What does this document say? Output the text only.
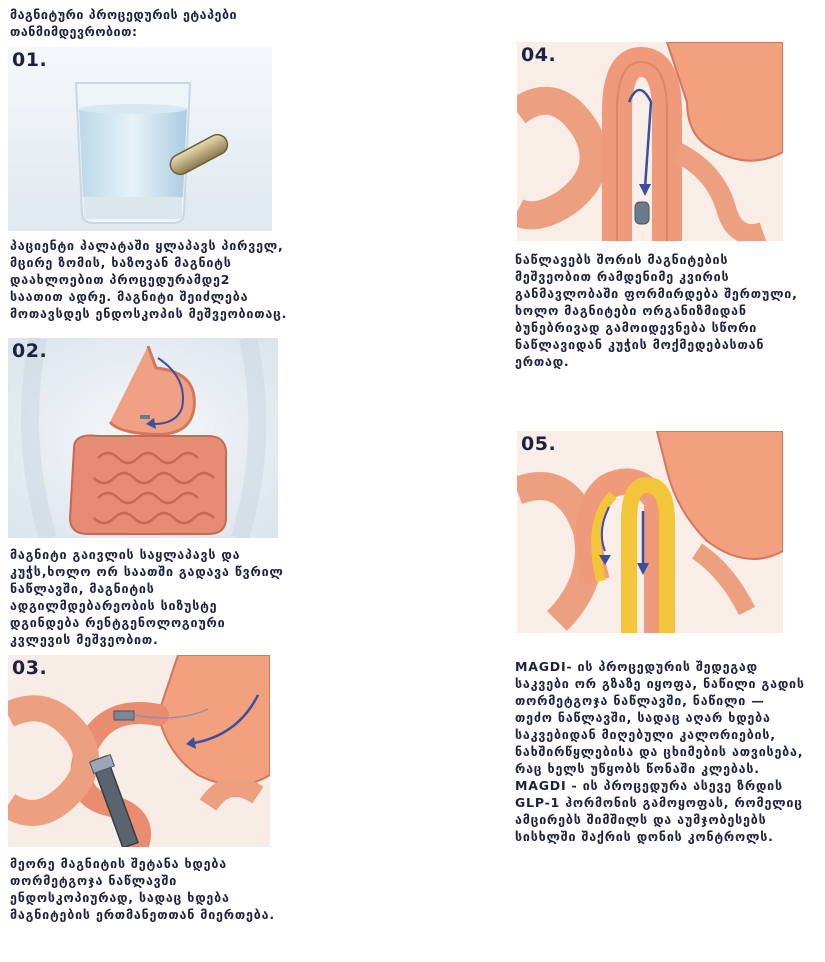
მაგნიტური პროცედურის ეტაპები თანმიმდევრობით:
01.
პაციენტი პალატაში ყლაპავს პირველ, მცირე ზომის, ხაზოვან მაგნიტს დაახლოებით პროცედურამდე2 საათით ადრე. მაგნიტი შეიძლება მოთავსდეს ენდოსკოპის მეშვეობითაც.
02.
მაგნიტი გაივლის საყლაპავს და კუჭს,ხოლო ორ საათში გადავა წვრილ ნაწლავში, მაგნიტის ადგილმდებარეობის სიზუსტე დგინდება რენტგენოლოგიური კვლევის მეშვეობით.
03.
მეორე მაგნიტის შეტანა ხდება თორმეტგოჯა ნაწლავში ენდოსკოპიურად, სადაც ხდება მაგნიტების ერთმანეთთან მიერთება.
04.
ნაწლავებს შორის მაგნიტების მეშვეობით რამდენიმე კვირის განმავლობაში ფორმირდება შერთული, ხოლო მაგნიტები ორგანიზმიდან ბუნებრივად გამოიდევნება სწორი ნაწლავიდან კუჭის მოქმედებასთან ერთად.
05.
MAGDI- ის პროცედურის შედეგად საკვები ორ გზაზე იყოფა, ნაწილი გადის თორმეტგოჯა ნაწლავში, ნაწილი — თეძო ნაწლავში, სადაც აღარ ხდება საკვებიდან მიღებული კალორიების, ნახშირწყლებისა და ცხიმების ათვისება, რაც ხელს უწყობს წონაში კლებას. MAGDI - ის პროცედურა ასევე ზრდის GLP-1 ჰორმონის გამოყოფას, რომელიც ამცირებს შიმშილს და აუმჯობესებს სისხლში შაქრის დონის კონტროლს.
